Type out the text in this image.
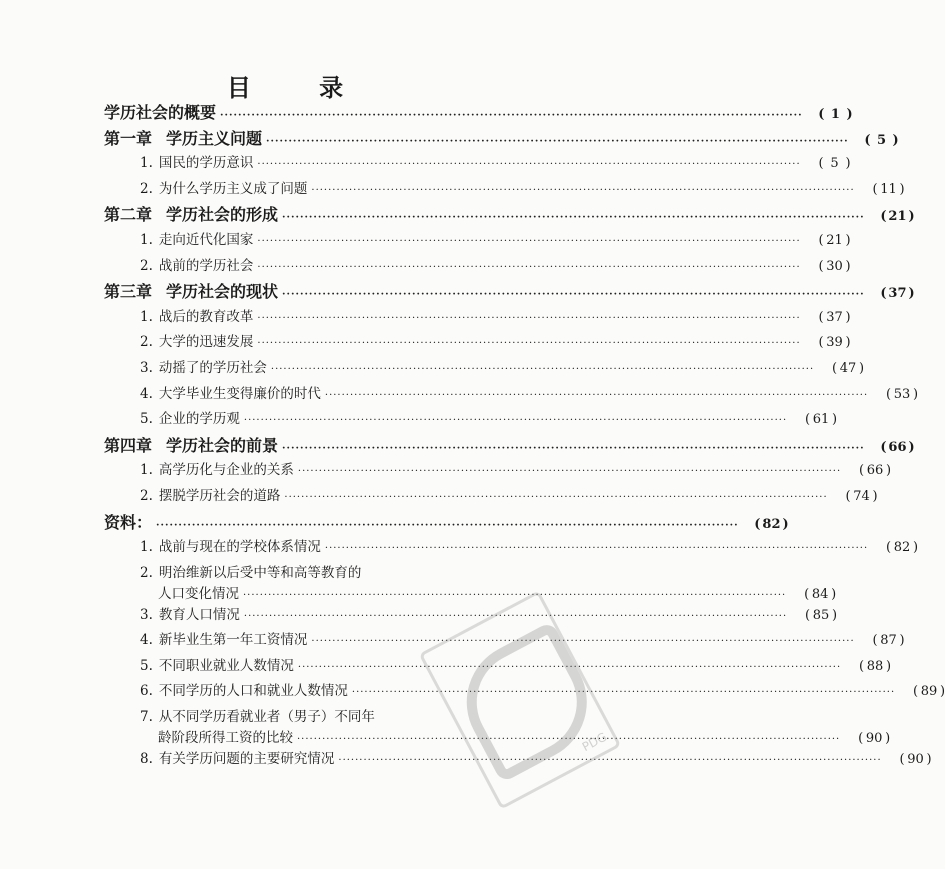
目 录
学历社会的概要 ·····	( 1 )
第一章 学历主义问题 ·····	( 5 )
1. 国民的学历意识 ·····	( 5 )
2. 为什么学历主义成了问题 ·····	( 11 )
第二章 学历社会的形成 ·····	( 21 )
1. 走向近代化国家 ·····	( 21 )
2. 战前的学历社会 ·····	( 30 )
第三章 学历社会的现状 ·····	( 37 )
1. 战后的教育改革 ·····	( 37 )
2. 大学的迅速发展 ·····	( 39 )
3. 动摇了的学历社会 ·····	( 47 )
4. 大学毕业生变得廉价的时代 ·····	( 53 )
5. 企业的学历观 ·····	( 61 )
第四章 学历社会的前景 ·····	( 66 )
1. 高学历化与企业的关系 ·····	( 66 )
2. 摆脱学历社会的道路 ·····	( 74 )
资料： ·····	( 82 )
1. 战前与现在的学校体系情况 ·····	( 82 )
2. 明治维新以后受中等和高等教育的
人口变化情况 ·····	( 84 )
3. 教育人口情况 ·····	( 85 )
4. 新毕业生第一年工资情况 ·····	( 87 )
5. 不同职业就业人数情况 ·····	( 88 )
6. 不同学历的人口和就业人数情况 ·····	( 89 )
7. 从不同学历看就业者（男子）不同年
龄阶段所得工资的比较 ·····	( 90 )
8. 有关学历问题的主要研究情况 ·····	( 90 )
PDG
